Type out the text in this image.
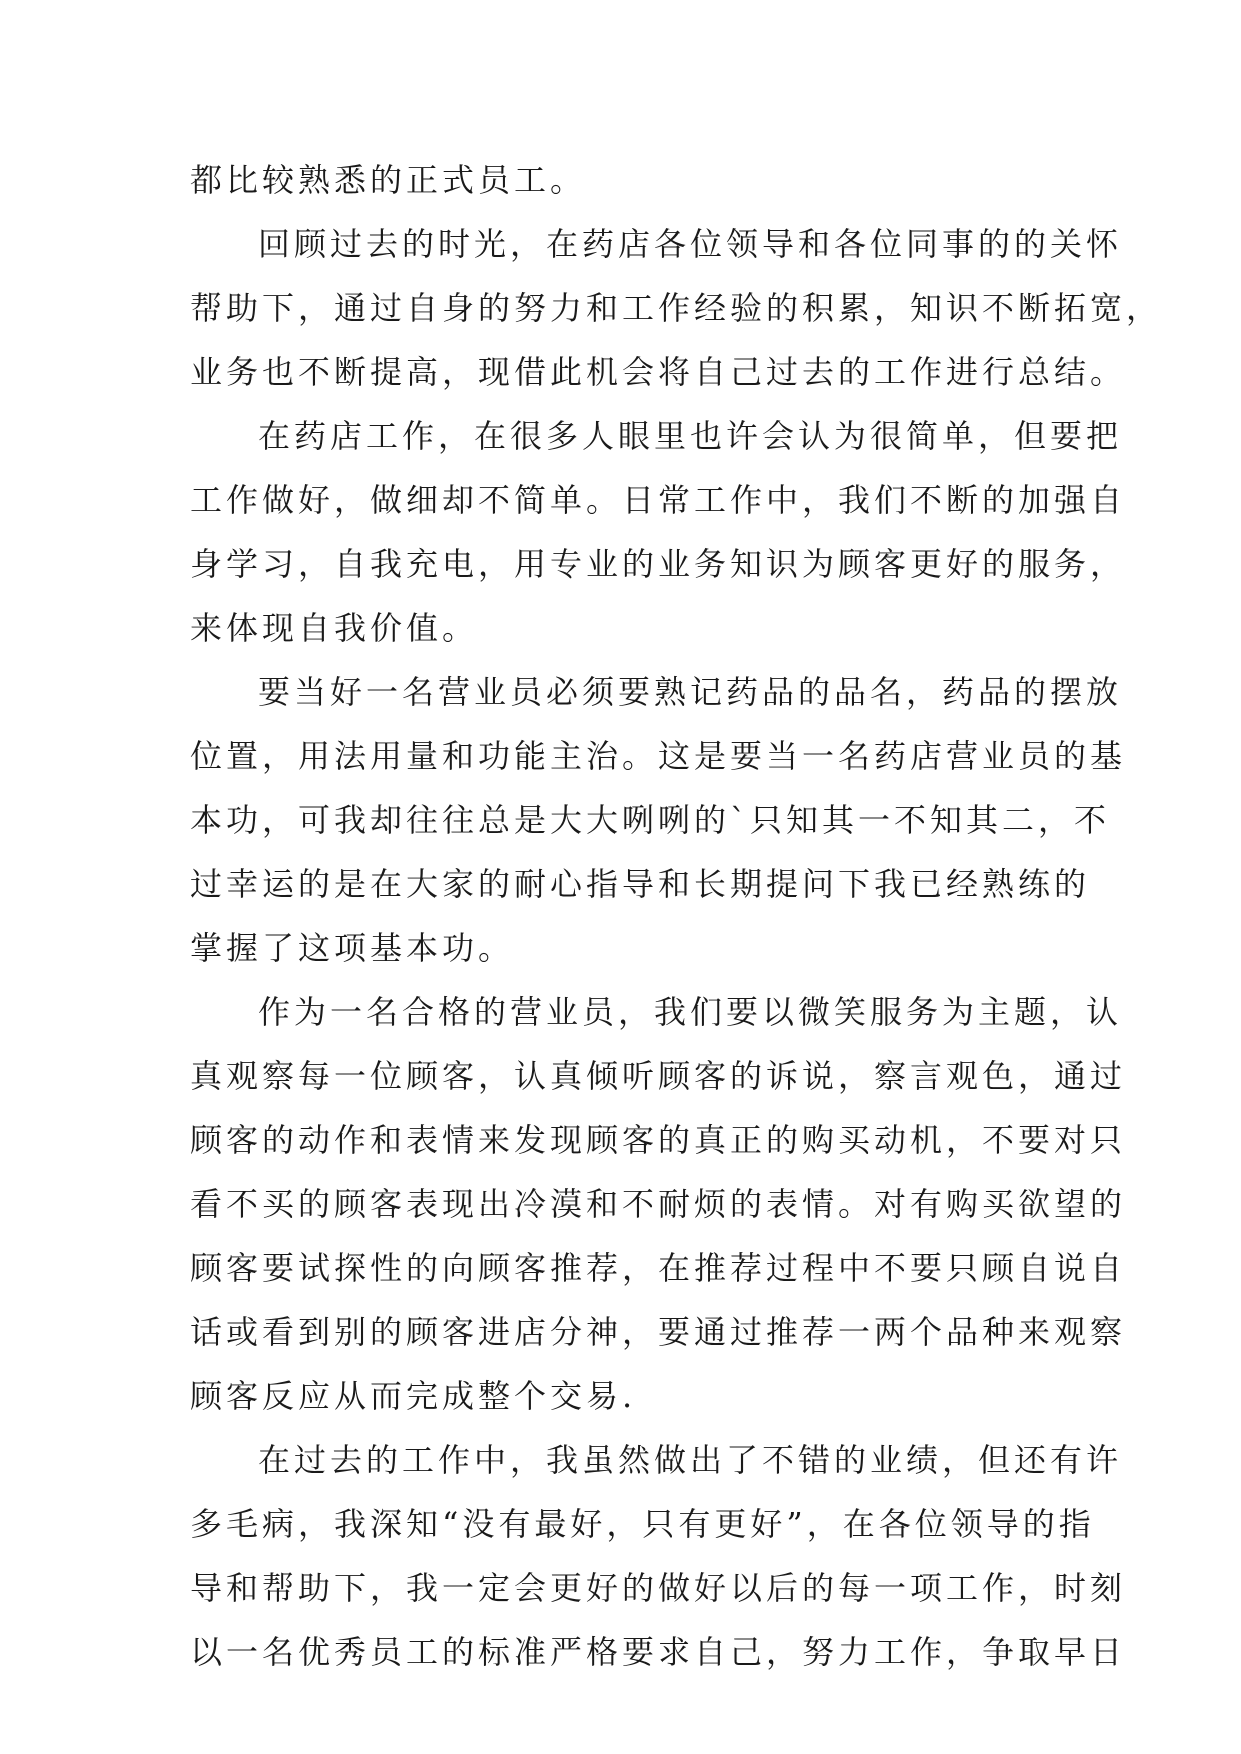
都比较熟悉的正式员工。

回顾过去的时光，在药店各位领导和各位同事的的关怀
帮助下，通过自身的努力和工作经验的积累，知识不断拓宽，
业务也不断提高，现借此机会将自己过去的工作进行总结。

在药店工作，在很多人眼里也许会认为很简单，但要把
工作做好，做细却不简单。日常工作中，我们不断的加强自
身学习，自我充电，用专业的业务知识为顾客更好的服务，
来体现自我价值。

要当好一名营业员必须要熟记药品的品名，药品的摆放
位置，用法用量和功能主治。这是要当一名药店营业员的基
本功，可我却往往总是大大咧咧的`只知其一不知其二，不
过幸运的是在大家的耐心指导和长期提问下我已经熟练的
掌握了这项基本功。

作为一名合格的营业员，我们要以微笑服务为主题，认
真观察每一位顾客，认真倾听顾客的诉说，察言观色，通过
顾客的动作和表情来发现顾客的真正的购买动机，不要对只
看不买的顾客表现出冷漠和不耐烦的表情。对有购买欲望的
顾客要试探性的向顾客推荐，在推荐过程中不要只顾自说自
话或看到别的顾客进店分神，要通过推荐一两个品种来观察
顾客反应从而完成整个交易.

在过去的工作中，我虽然做出了不错的业绩，但还有许
多毛病，我深知“没有最好，只有更好”，在各位领导的指
导和帮助下，我一定会更好的做好以后的每一项工作，时刻
以一名优秀员工的标准严格要求自己，努力工作，争取早日
